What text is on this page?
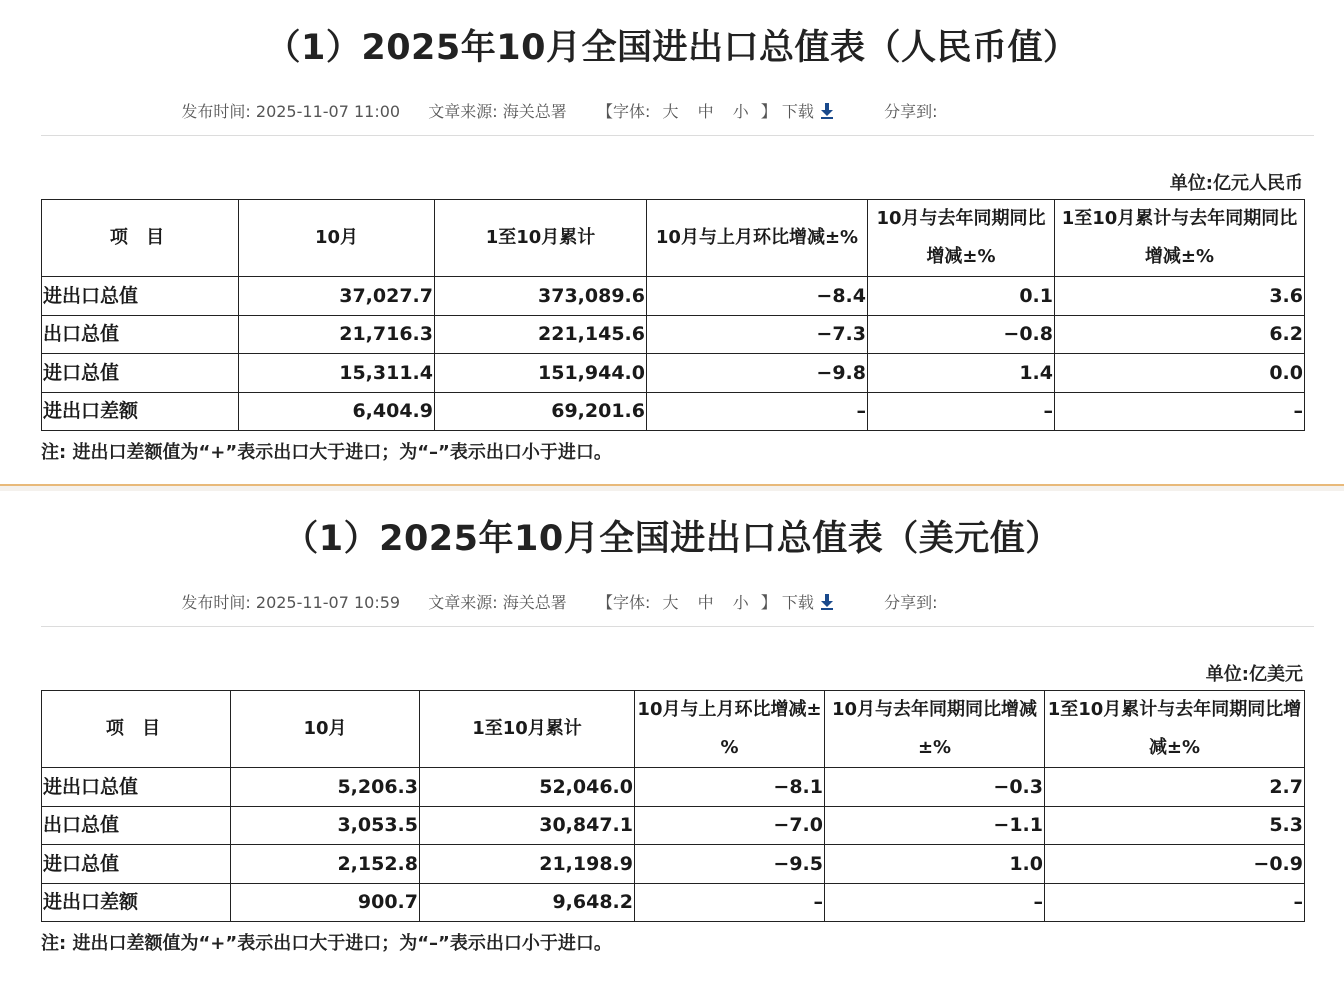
（1）2025年10月全国进出口总值表（人民币值）
发布时间: 2025-11-07 11:00 文章来源: 海关总署 【字体: 大 中 小 】 下载	分享到:
单位:亿元人民币
项 目	10月	1至10月累计	10月与上月环比增减±%	10月与去年同期同比增减±%	1至10月累计与去年同期同比增减±%
进出口总值	37,027.7	373,089.6	−8.4	0.1	3.6
出口总值	21,716.3	221,145.6	−7.3	−0.8	6.2
进口总值	15,311.4	151,944.0	−9.8	1.4	0.0
进出口差额	6,404.9	69,201.6	–	–	–
注: 进出口差额值为“+”表示出口大于进口；为“–”表示出口小于进口。
（1）2025年10月全国进出口总值表（美元值）
发布时间: 2025-11-07 10:59 文章来源: 海关总署 【字体: 大 中 小 】 下载	分享到:
单位:亿美元
项 目	10月	1至10月累计	10月与上月环比增减±%	10月与去年同期同比增减±%	1至10月累计与去年同期同比增减±%
进出口总值	5,206.3	52,046.0	−8.1	−0.3	2.7
出口总值	3,053.5	30,847.1	−7.0	−1.1	5.3
进口总值	2,152.8	21,198.9	−9.5	1.0	−0.9
进出口差额	900.7	9,648.2	–	–	–
注: 进出口差额值为“+”表示出口大于进口；为“–”表示出口小于进口。
